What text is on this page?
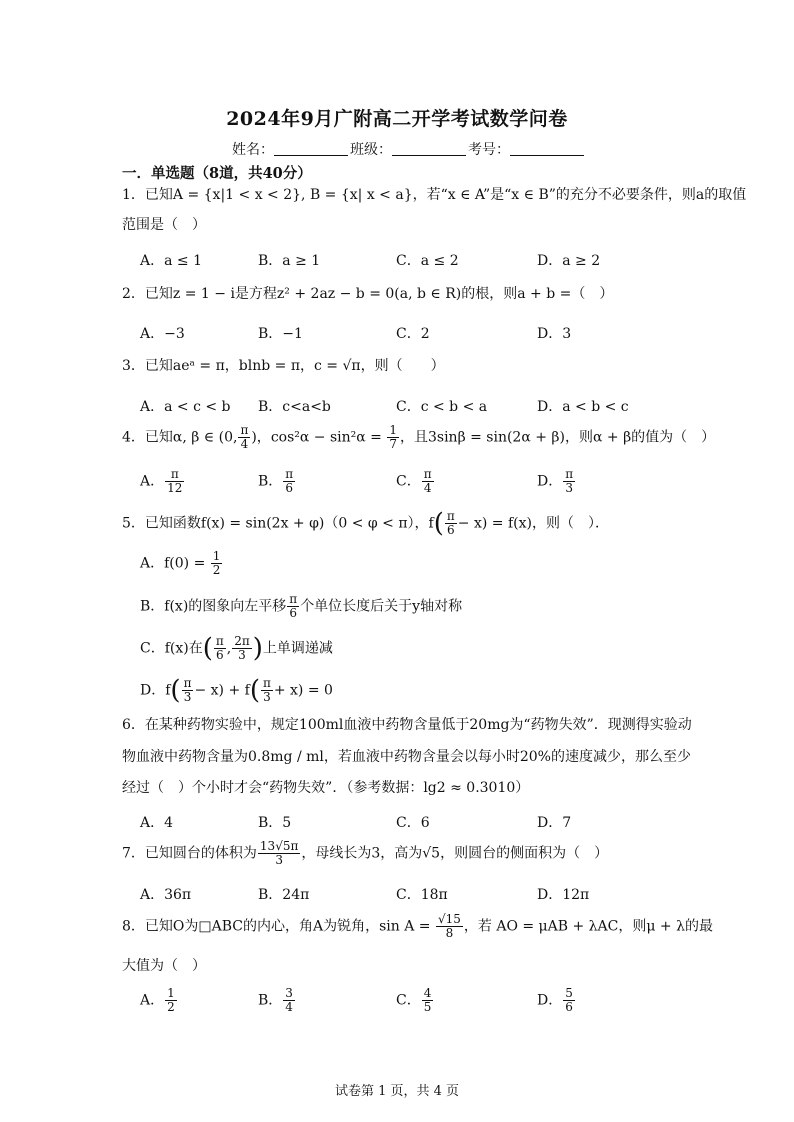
2024年9月广附高二开学考试数学问卷
姓名：	班级：	考号：
一．单选题（8道，共40分）
1．已知A = {x|1 < x < 2}, B = {x| x < a}，若“x ∈ A”是“x ∈ B”的充分不必要条件，则a的取值
范围是（　）
A．a ≤ 1	B．a ≥ 1	C．a ≤ 2	D．a ≥ 2
2．已知z = 1 − i是方程z² + 2az − b = 0(a, b ∈ R)的根，则a + b =（　）
A．−3	B．−1	C．2	D．3
3．已知aeᵃ = π，blnb = π，c = √π，则（　　）
A．a < c < b B．c<a<b	C．c < b < a	D．a < b < c
4．已知α, β ∈ (0, $\frac{\pi}{4}$ )，$\cos^2\alpha - \sin^2\alpha = \frac{1}{7}$ ，且3sinβ = sin(2α + β)，则α + β的值为（　）
A． $\frac{\pi}{12}$	B． $\frac{\pi}{6}$	C． $\frac{\pi}{4}$	D． $\frac{\pi}{3}$
5．已知函数f(x) = sin(2x + φ)（0 < φ < π），$f( \frac{\pi}{6} - x) = f(x)$，则（　）．
A．$f(0) = \frac{1}{2}$
B．f(x)的图象向左平移 $\frac{\pi}{6}$ 个单位长度后关于y轴对称
C．f(x)在( $\frac{\pi}{6}$ , $\frac{2\pi}{3}$ )上单调递减
D．$f( \frac{\pi}{3} - x) + f( \frac{\pi}{3} + x) = 0$
6．在某种药物实验中，规定100ml血液中药物含量低于20mg为“药物失效”．现测得实验动
物血液中药物含量为0.8mg / ml，若血液中药物含量会以每小时20%的速度减少，那么至少
经过（　）个小时才会“药物失效”．（参考数据：lg2 ≈ 0.3010）
A．4	B．5	C．6	D．7
7．已知圆台的体积为 $\frac{13√5\pi}{3}$ ，母线长为3，高为√5，则圆台的侧面积为（　）
A．36π	B．24π	C．18π	D．12π
8．已知O为□ABC的内心，角A为锐角，$\sin A = \frac{√15}{8}$ ，若 AO = μAB + λAC，则μ + λ的最
大值为（　）
A． $\frac{1}{2}$	B． $\frac{3}{4}$	C． $\frac{4}{5}$	D． $\frac{5}{6}$
试卷第 1 页，共 4 页
